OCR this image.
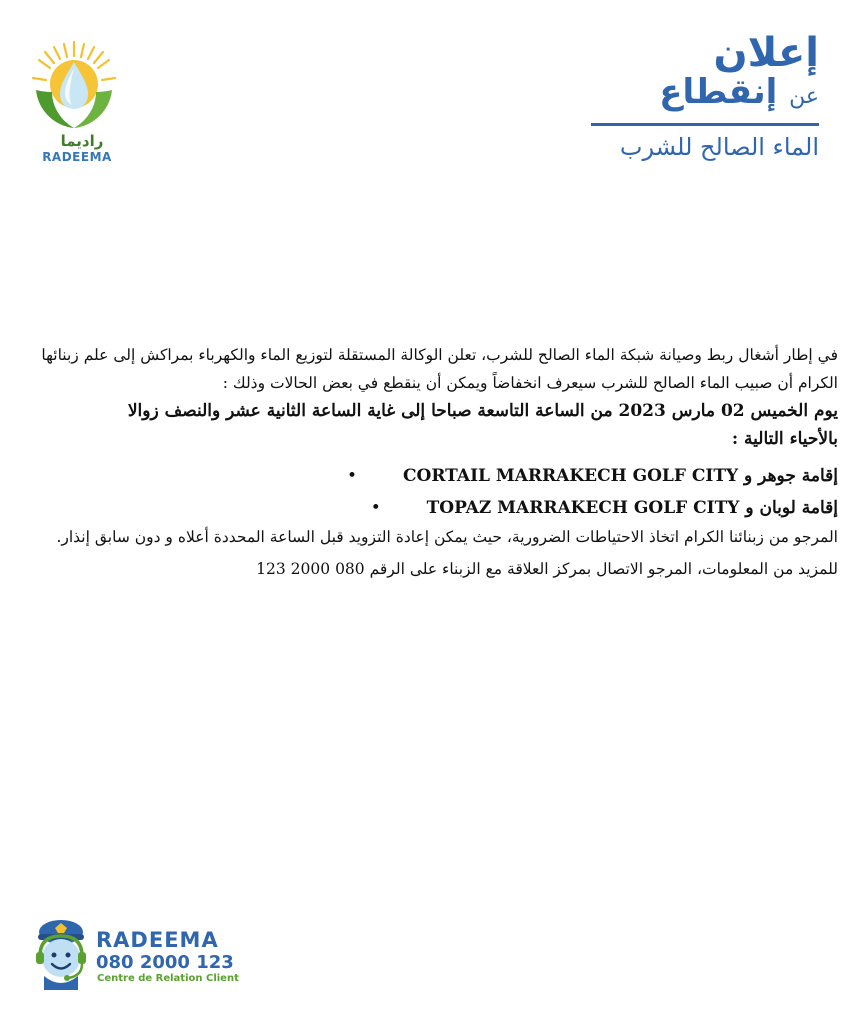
راديما
RADEEMA
إعلان
عن إنقطاع
الماء الصالح للشرب
في إطار أشغال ربط وصيانة شبكة الماء الصالح للشرب، تعلن الوكالة المستقلة لتوزيع الماء والكهرباء بمراكش إلى علم زبنائها
الكرام أن صبيب الماء الصالح للشرب سيعرف انخفاضاً ويمكن أن ينقطع في بعض الحالات وذلك :
يوم الخميس 02 مارس 2023 من الساعة التاسعة صباحا إلى غاية الساعة الثانية عشر والنصف زوالا
بالأحياء التالية :
إقامة جوهر و CORTAIL MARRAKECH GOLF CITY •
إقامة لوبان و TOPAZ MARRAKECH GOLF CITY •
المرجو من زبنائنا الكرام اتخاذ الاحتياطات الضرورية، حيث يمكن إعادة التزويد قبل الساعة المحددة أعلاه و دون سابق إنذار.
للمزيد من المعلومات، المرجو الاتصال بمركز العلاقة مع الزبناء على الرقم 080 2000 123
RADEEMA
080 2000 123
Centre de Relation Client
